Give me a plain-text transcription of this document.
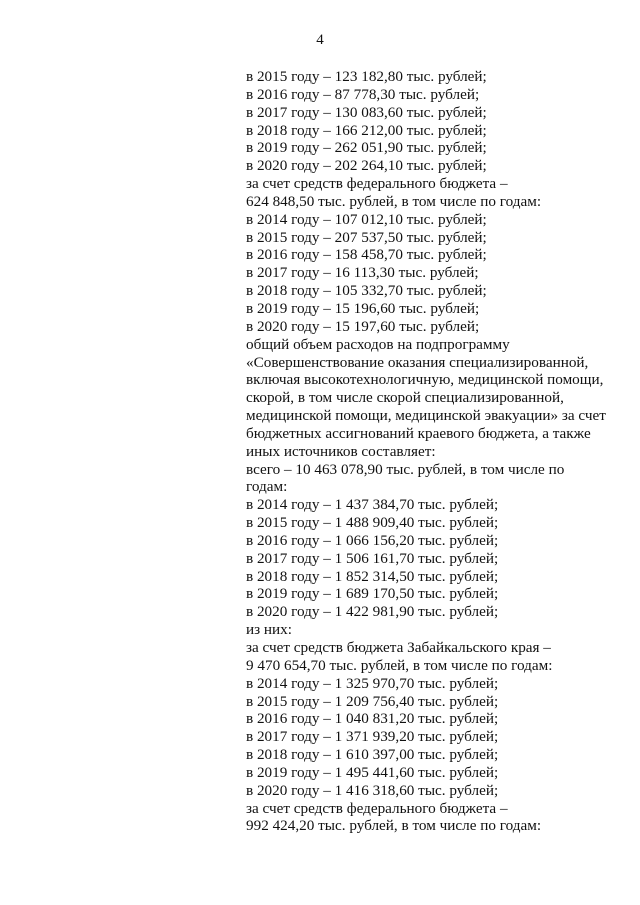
4
в 2015 году – 123 182,80 тыс. рублей;
в 2016 году – 87 778,30 тыс. рублей;
в 2017 году – 130 083,60 тыс. рублей;
в 2018 году – 166 212,00 тыс. рублей;
в 2019 году – 262 051,90 тыс. рублей;
в 2020 году – 202 264,10 тыс. рублей;
за счет средств федерального бюджета –
624 848,50 тыс. рублей, в том числе по годам:
в 2014 году – 107 012,10 тыс. рублей;
в 2015 году – 207 537,50 тыс. рублей;
в 2016 году – 158 458,70 тыс. рублей;
в 2017 году – 16 113,30 тыс. рублей;
в 2018 году – 105 332,70 тыс. рублей;
в 2019 году – 15 196,60 тыс. рублей;
в 2020 году – 15 197,60 тыс. рублей;
общий объем расходов на подпрограмму
«Совершенствование оказания специализированной,
включая высокотехнологичную, медицинской помощи,
скорой, в том числе скорой специализированной,
медицинской помощи, медицинской эвакуации» за счет
бюджетных ассигнований краевого бюджета, а также
иных источников составляет:
всего – 10 463 078,90 тыс. рублей, в том числе по
годам:
в 2014 году – 1 437 384,70 тыс. рублей;
в 2015 году – 1 488 909,40 тыс. рублей;
в 2016 году – 1 066 156,20 тыс. рублей;
в 2017 году – 1 506 161,70 тыс. рублей;
в 2018 году – 1 852 314,50 тыс. рублей;
в 2019 году – 1 689 170,50 тыс. рублей;
в 2020 году – 1 422 981,90 тыс. рублей;
из них:
за счет средств бюджета Забайкальского края –
9 470 654,70 тыс. рублей, в том числе по годам:
в 2014 году – 1 325 970,70 тыс. рублей;
в 2015 году – 1 209 756,40 тыс. рублей;
в 2016 году – 1 040 831,20 тыс. рублей;
в 2017 году – 1 371 939,20 тыс. рублей;
в 2018 году – 1 610 397,00 тыс. рублей;
в 2019 году – 1 495 441,60 тыс. рублей;
в 2020 году – 1 416 318,60 тыс. рублей;
за счет средств федерального бюджета –
992 424,20 тыс. рублей, в том числе по годам:
